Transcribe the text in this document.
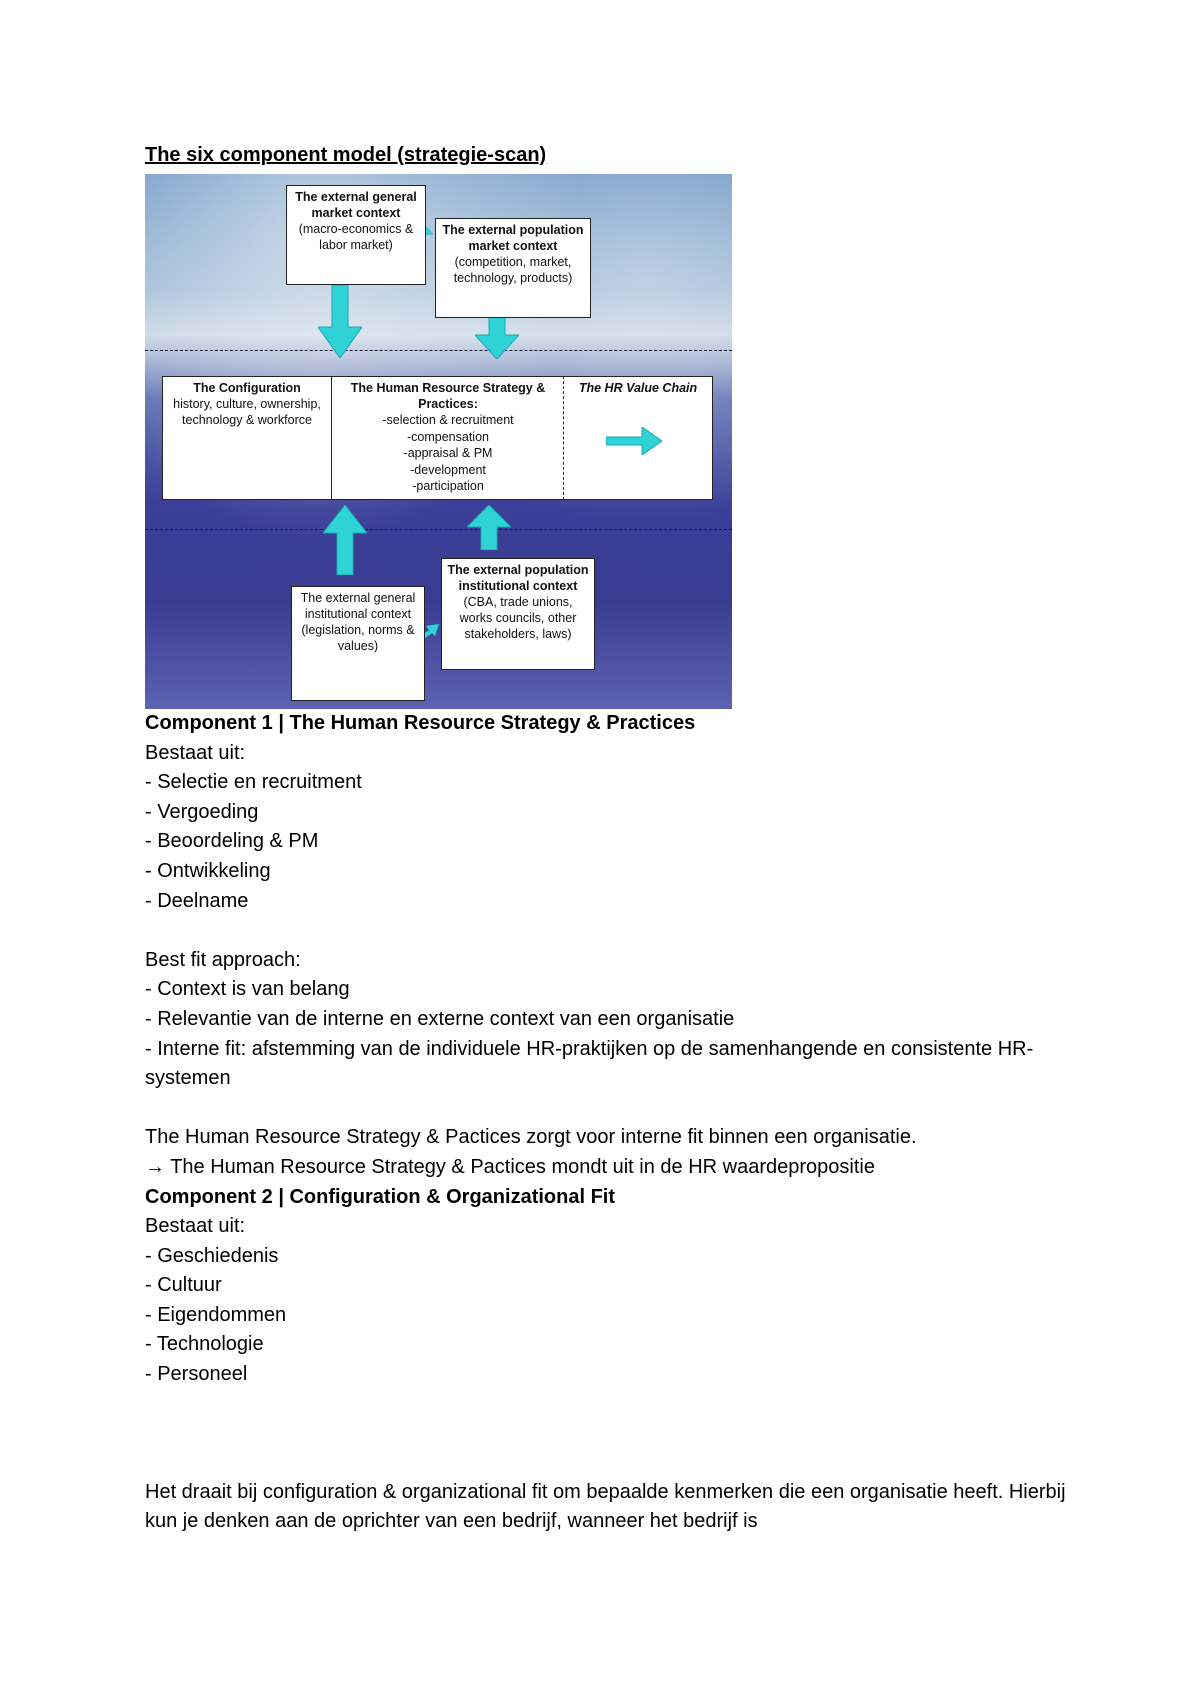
The six component model (strategie-scan)
The external general market context
(macro-economics & labor market)
The external population market context
(competition, market, technology, products)
The Configuration
history, culture, ownership, technology & workforce
The Human Resource Strategy & Practices:
-selection & recruitment
-compensation
-appraisal & PM
-development
-participation
The HR Value Chain
The external general institutional context
(legislation, norms & values)
The external population institutional context
(CBA, trade unions, works councils, other stakeholders, laws)

Component 1 | The Human Resource Strategy & Practices

Bestaat uit:

- Selectie en recruitment

- Vergoeding

- Beoordeling & PM

- Ontwikkeling

- Deelname

Best fit approach:

- Context is van belang

- Relevantie van de interne en externe context van een organisatie

- Interne fit: afstemming van de individuele HR-praktijken op de samenhangende en consistente HR-systemen

The Human Resource Strategy & Pactices zorgt voor interne fit binnen een organisatie.

→ The Human Resource Strategy & Pactices mondt uit in de HR waardepropositie

Component 2 | Configuration & Organizational Fit

Bestaat uit:

- Geschiedenis

- Cultuur

- Eigendommen

- Technologie

- Personeel

Het draait bij configuration & organizational fit om bepaalde kenmerken die een organisatie heeft. Hierbij kun je denken aan de oprichter van een bedrijf, wanneer het bedrijf is
